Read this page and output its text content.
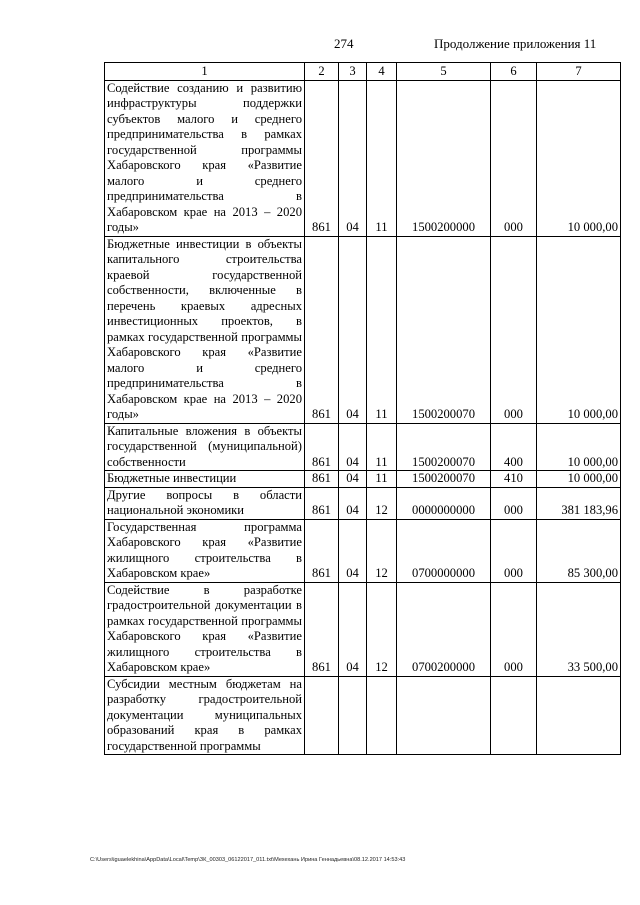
274	Продолжение приложения 11
1	2	3	4	5	6	7
Содействие созданию и развитию инфраструктуры поддержки субъектов малого и среднего предпринимательства в рамках государственной программы Хабаровского края «Развитие малого и среднего предпринимательства в Хабаровском крае на 2013 – 2020 годы»	861	04	11	1500200000	000	10 000,00
Бюджетные инвестиции в объекты капитального строительства краевой государственной собственности, включенные в перечень краевых адресных инвестиционных проектов, в рамках государственной программы Хабаровского края «Развитие малого и среднего предпринимательства в Хабаровском крае на 2013 – 2020 годы»	861	04	11	1500200070	000	10 000,00
Капитальные вложения в объекты государственной (муниципальной) собственности	861	04	11	1500200070	400	10 000,00
Бюджетные инвестиции	861	04	11	1500200070	410	10 000,00
Другие вопросы в области национальной экономики	861	04	12	0000000000	000	381 183,96
Государственная программа Хабаровского края «Развитие жилищного строительства в Хабаровском крае»	861	04	12	0700000000	000	85 300,00
Содействие в разработке градостроительной документации в рамках государственной программы Хабаровского края «Развитие жилищного строительства в Хабаровском крае»	861	04	12	0700200000	000	33 500,00
Субсидии местным бюджетам на разработку градостроительной документации муниципальных образований края в рамках государственной программы						
C:\Users\iguaelekhina\AppData\Local\Temp\ЗК_00303_06122017_011.txt\Мехехань Ирина Геннадьевна\08.12.2017 14:53:43
